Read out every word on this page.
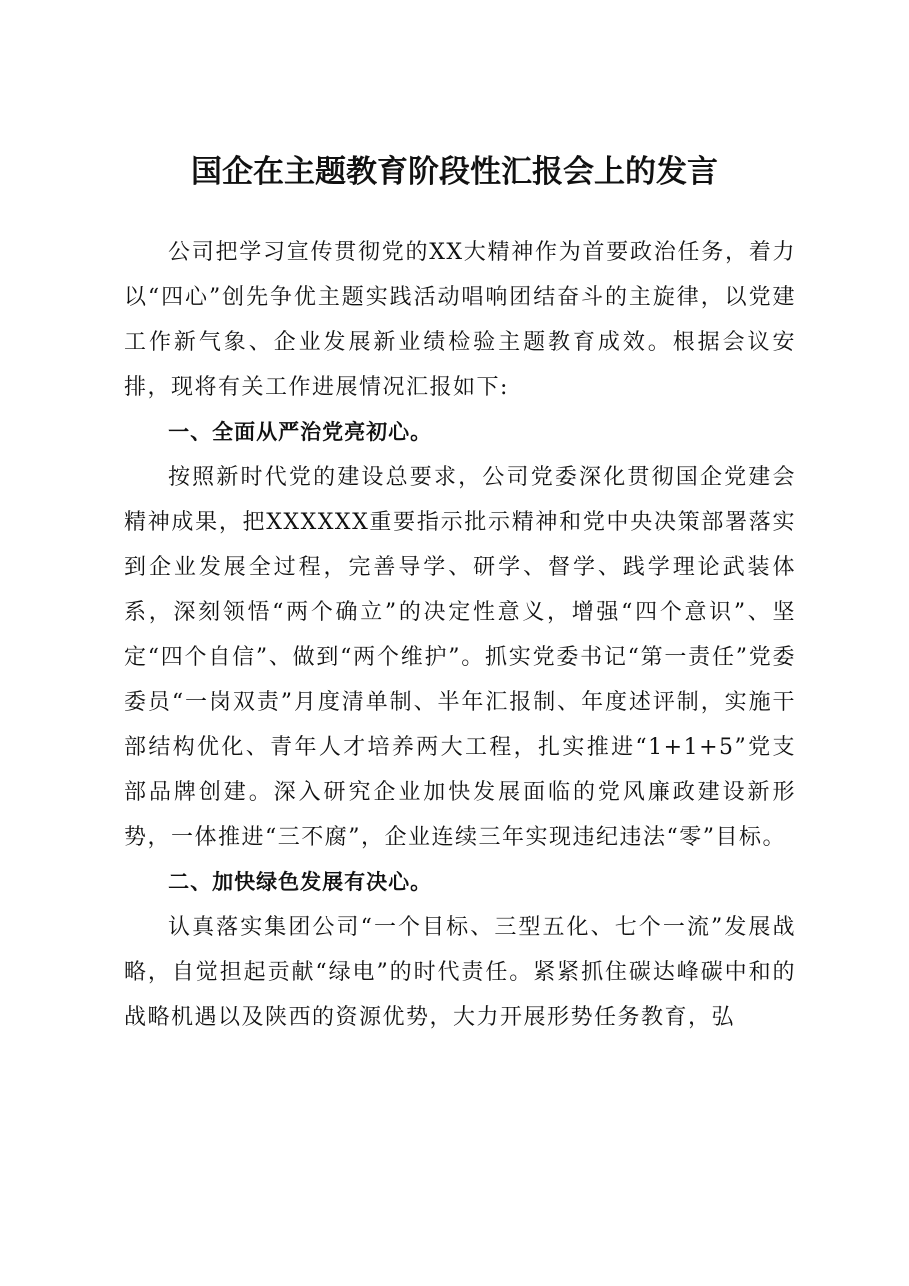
国企在主题教育阶段性汇报会上的发言

公司把学习宣传贯彻党的XX大精神作为首要政治任务，着力以“四心”创先争优主题实践活动唱响团结奋斗的主旋律，以党建工作新气象、企业发展新业绩检验主题教育成效。根据会议安排，现将有关工作进展情况汇报如下:

一、全面从严治党亮初心。

按照新时代党的建设总要求，公司党委深化贯彻国企党建会精神成果，把XXXXXX重要指示批示精神和党中央决策部署落实到企业发展全过程，完善导学、研学、督学、践学理论武装体系，深刻领悟“两个确立”的决定性意义，增强“四个意识”、坚定“四个自信”、做到“两个维护”。抓实党委书记“第一责任”党委委员“一岗双责”月度清单制、半年汇报制、年度述评制，实施干部结构优化、青年人才培养两大工程，扎实推进“1+1+5”党支部品牌创建。深入研究企业加快发展面临的党风廉政建设新形势，一体推进“三不腐”，企业连续三年实现违纪违法“零”目标。

二、加快绿色发展有决心。

认真落实集团公司“一个目标、三型五化、七个一流”发展战略，自觉担起贡献“绿电”的时代责任。紧紧抓住碳达峰碳中和的战略机遇以及陕西的资源优势，大力开展形势任务教育，弘
